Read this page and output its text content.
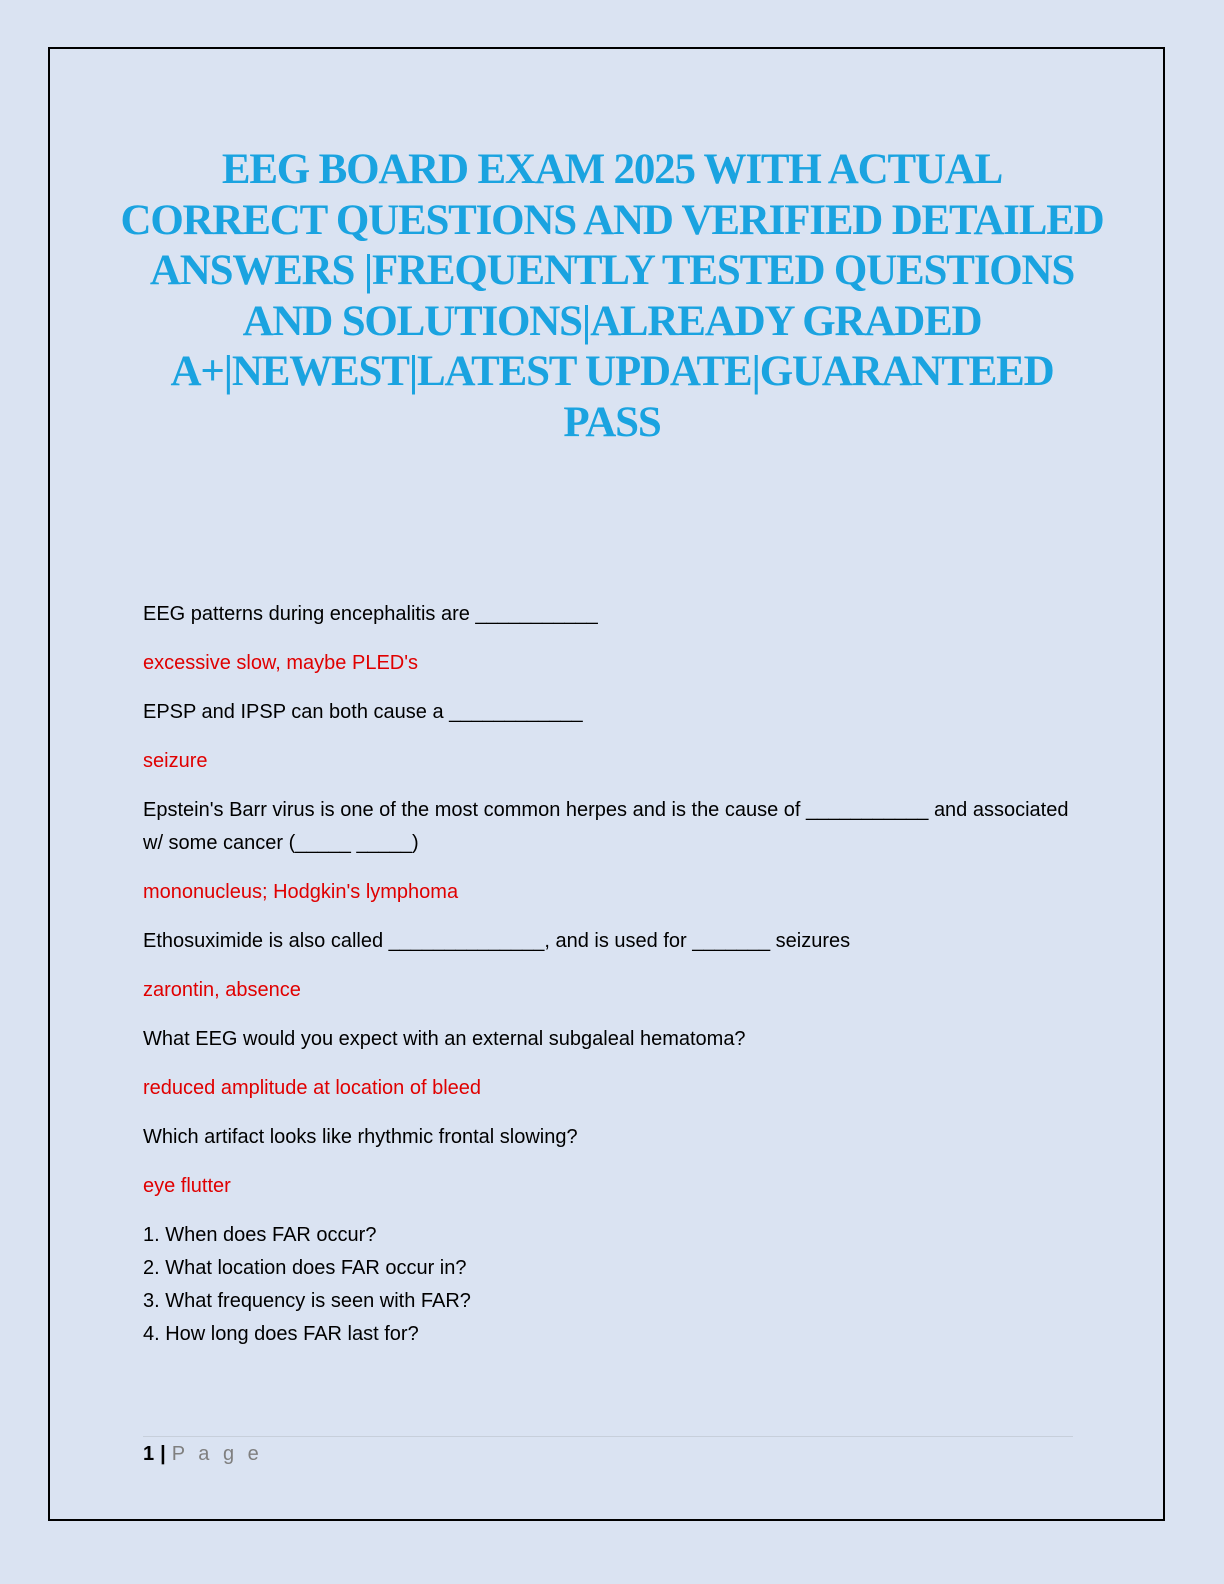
EEG BOARD EXAM 2025 WITH ACTUAL CORRECT QUESTIONS AND VERIFIED DETAILED ANSWERS |FREQUENTLY TESTED QUESTIONS AND SOLUTIONS|ALREADY GRADED A+|NEWEST|LATEST UPDATE|GUARANTEED PASS

EEG patterns during encephalitis are ___________

excessive slow, maybe PLED's

EPSP and IPSP can both cause a ____________

seizure

Epstein's Barr virus is one of the most common herpes and is the cause of ___________ and associated w/ some cancer (_____ _____)

mononucleus; Hodgkin's lymphoma

Ethosuximide is also called ______________, and is used for _______ seizures

zarontin, absence

What EEG would you expect with an external subgaleal hematoma?

reduced amplitude at location of bleed

Which artifact looks like rhythmic frontal slowing?

eye flutter

1. When does FAR occur?
2. What location does FAR occur in?
3. What frequency is seen with FAR?
4. How long does FAR last for?
1 | P a g e
